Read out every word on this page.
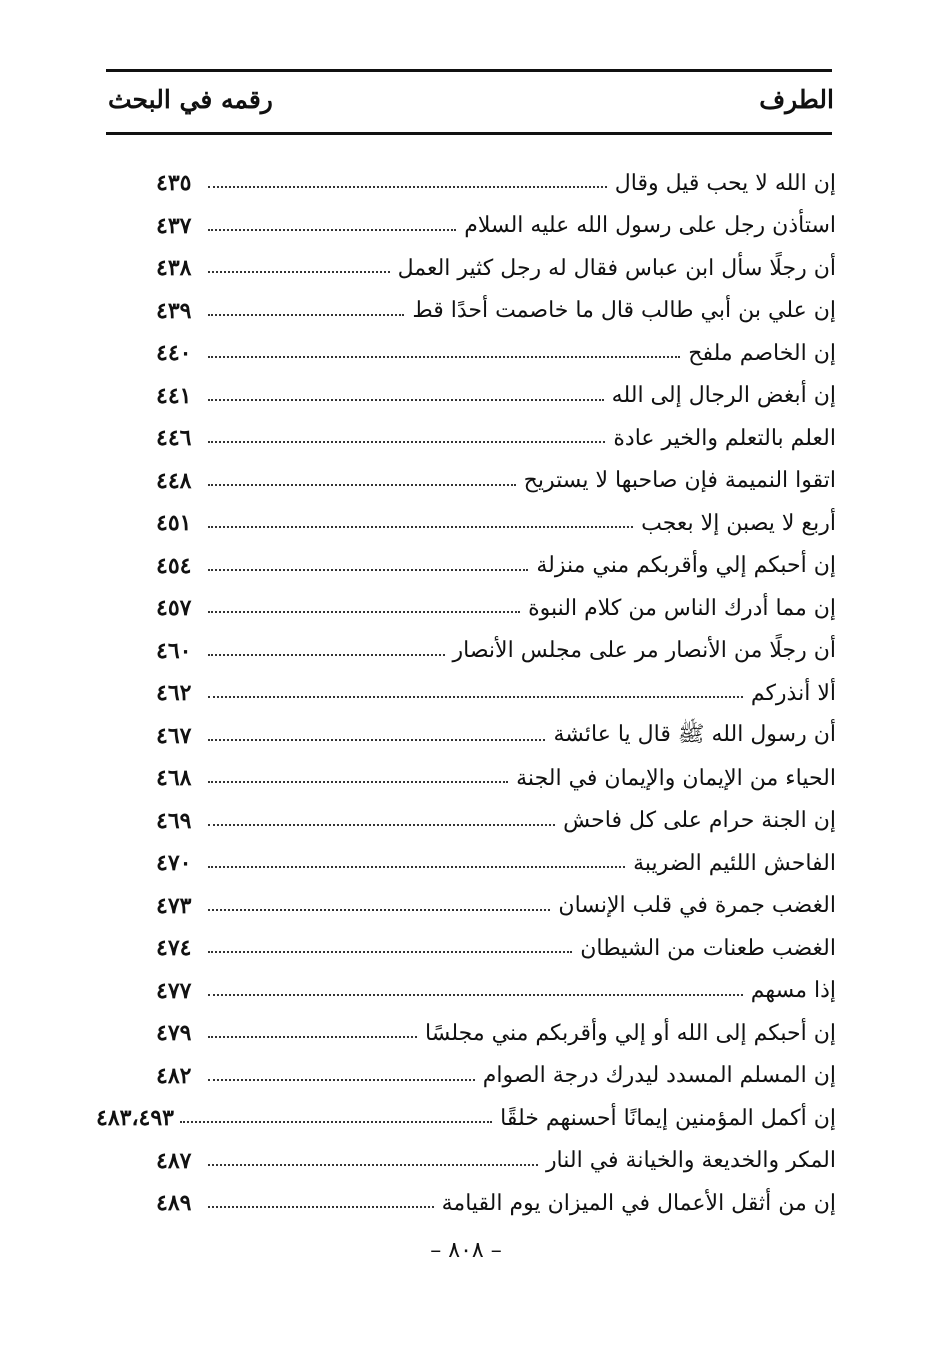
الطرف
رقمه في البحث
إن الله لا يحب قيل وقال
٤٣٥
استأذن رجل على رسول الله عليه السلام
٤٣٧
أن رجلًا سأل ابن عباس فقال له رجل كثير العمل
٤٣٨
إن علي بن أبي طالب قال ما خاصمت أحدًا قط
٤٣٩
إن الخاصم ملفح
٤٤٠
إن أبغض الرجال إلى الله
٤٤١
العلم بالتعلم والخير عادة
٤٤٦
اتقوا النميمة فإن صاحبها لا يستريح
٤٤٨
أربع لا يصبن إلا بعجب
٤٥١
إن أحبكم إلي وأقربكم مني منزلة
٤٥٤
إن مما أدرك الناس من كلام النبوة
٤٥٧
أن رجلًا من الأنصار مر على مجلس الأنصار
٤٦٠
ألا أنذركم
٤٦٢
أن رسول الله ﷺ قال يا عائشة
٤٦٧
الحياء من الإيمان والإيمان في الجنة
٤٦٨
إن الجنة حرام على كل فاحش
٤٦٩
الفاحش اللئيم الضريبة
٤٧٠
الغضب جمرة في قلب الإنسان
٤٧٣
الغضب طعنات من الشيطان
٤٧٤
إذا مسهم
٤٧٧
إن أحبكم إلى الله أو إلي وأقربكم مني مجلسًا
٤٧٩
إن المسلم المسدد ليدرك درجة الصوام
٤٨٢
إن أكمل المؤمنين إيمانًا أحسنهم خلقًا
٤٨٣،٤٩٣
المكر والخديعة والخيانة في النار
٤٨٧
إن من أثقل الأعمال في الميزان يوم القيامة
٤٨٩
– ٨٠٨ –
